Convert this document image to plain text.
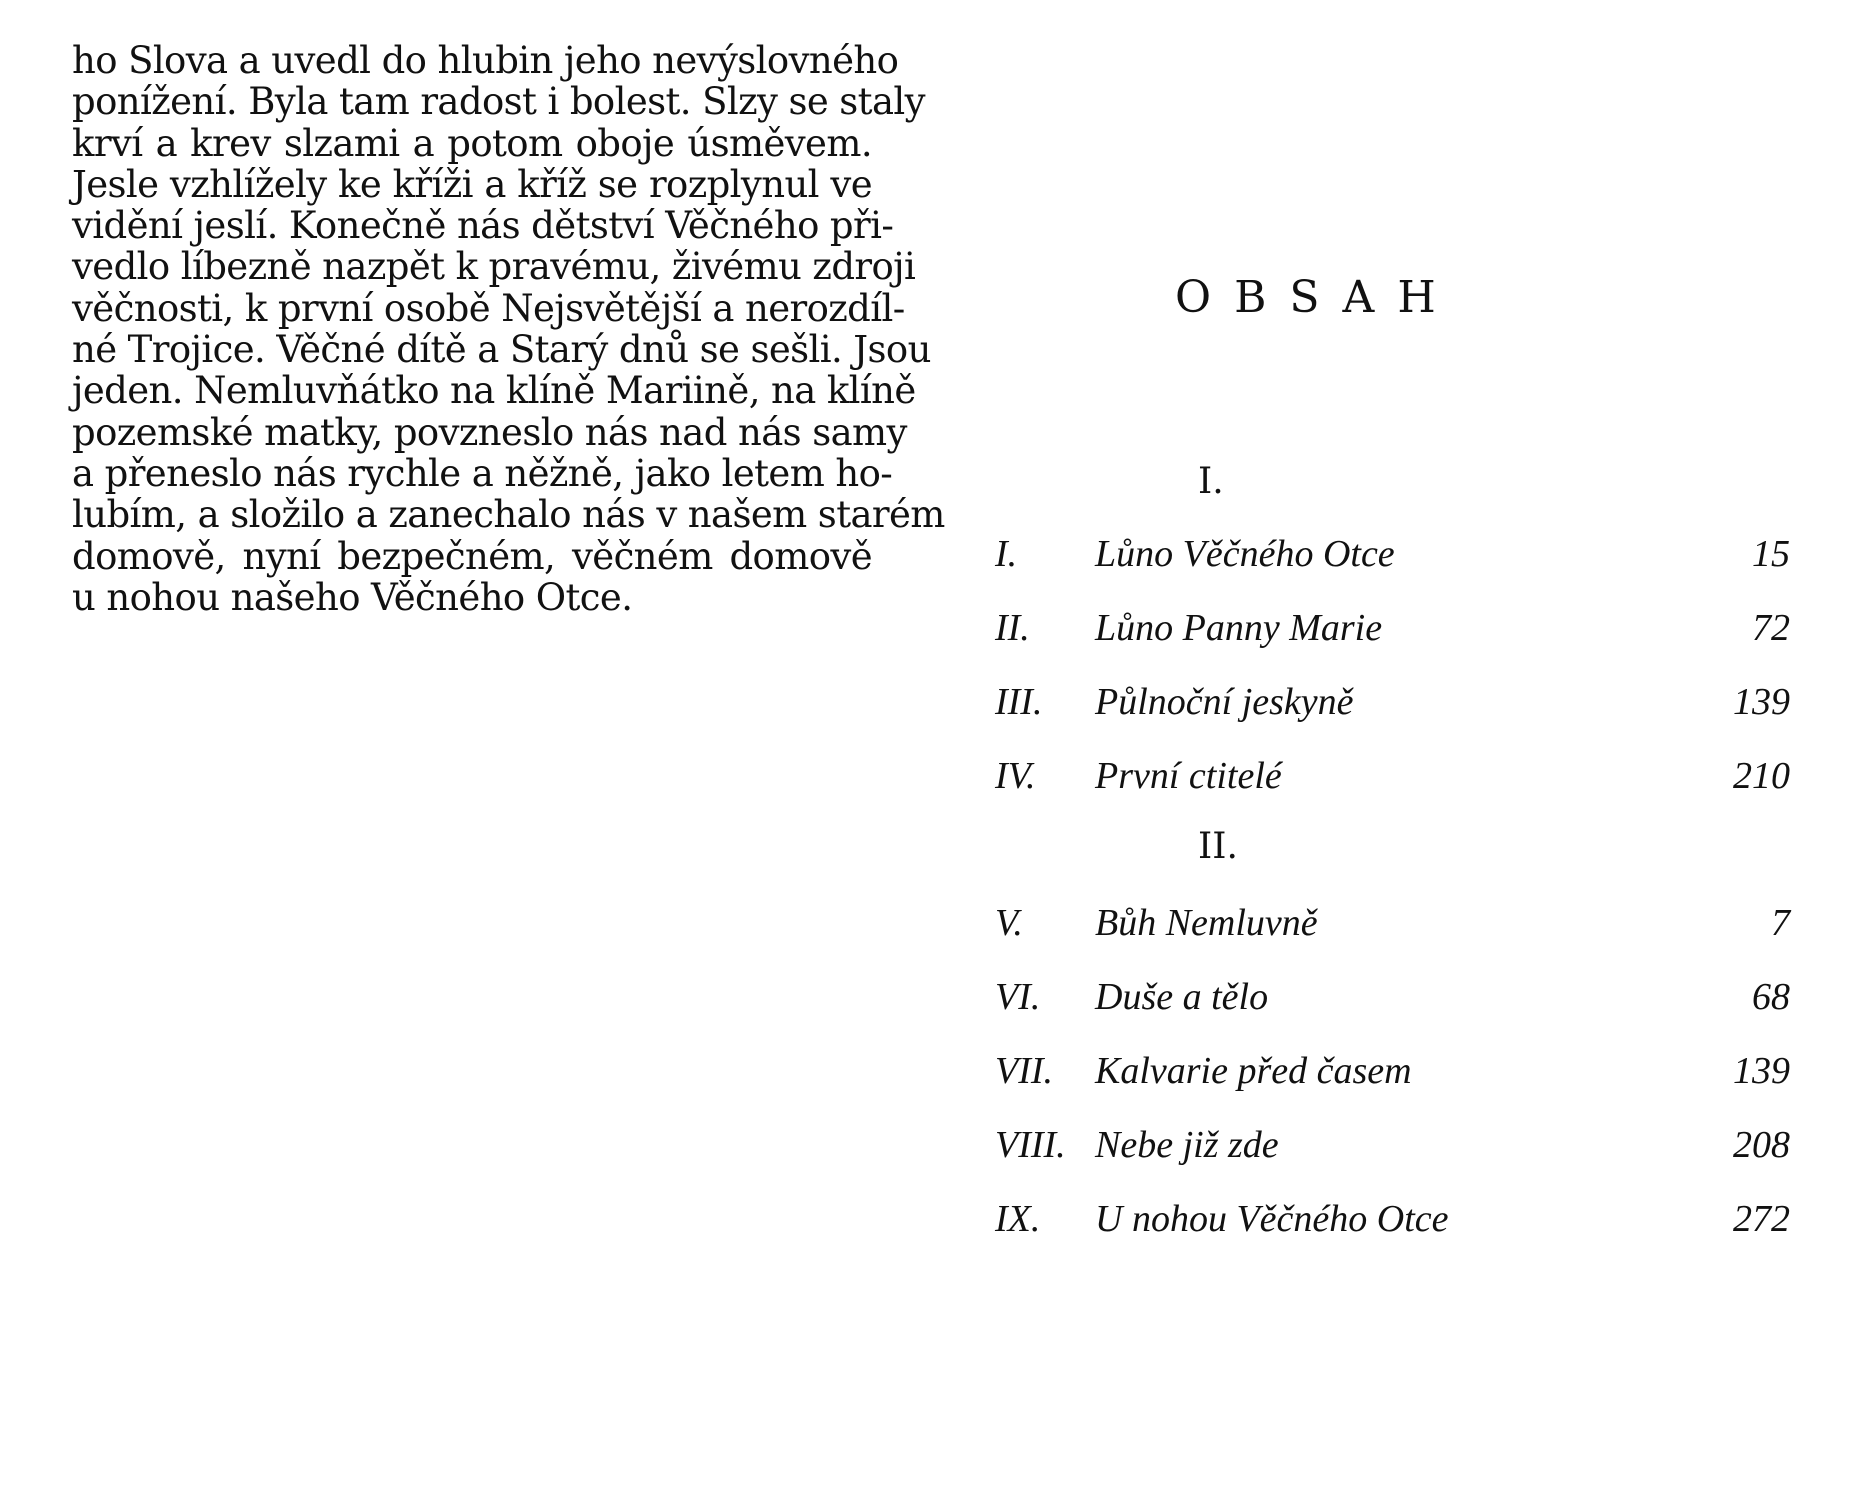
ho Slova a uvedl do hlubin jeho nevýslovného
ponížení. Byla tam radost i bolest. Slzy se staly
krví a krev slzami a potom oboje úsměvem.
Jesle vzhlížely ke kříži a kříž se rozplynul ve
vidění jeslí. Konečně nás dětství Věčného při-
vedlo líbezně nazpět k pravému, živému zdroji
věčnosti, k první osobě Nejsvětější a nerozdíl-
né Trojice. Věčné dítě a Starý dnů se sešli. Jsou
jeden. Nemluvňátko na klíně Mariině, na klíně
pozemské matky, povzneslo nás nad nás samy
a přeneslo nás rychle a něžně, jako letem ho-
lubím, a složilo a zanechalo nás v našem starém
domově, nyní bezpečném, věčném domově
u nohou našeho Věčného Otce.
OBSAH
I.
I. Lůno Věčného Otce	15
II. Lůno Panny Marie	72
III. Půlnoční jeskyně	139
IV. První ctitelé	210
II.
V. Bůh Nemluvně	7
VI. Duše a tělo	68
VII. Kalvarie před časem	139
VIII. Nebe již zde	208
IX. U nohou Věčného Otce	272
